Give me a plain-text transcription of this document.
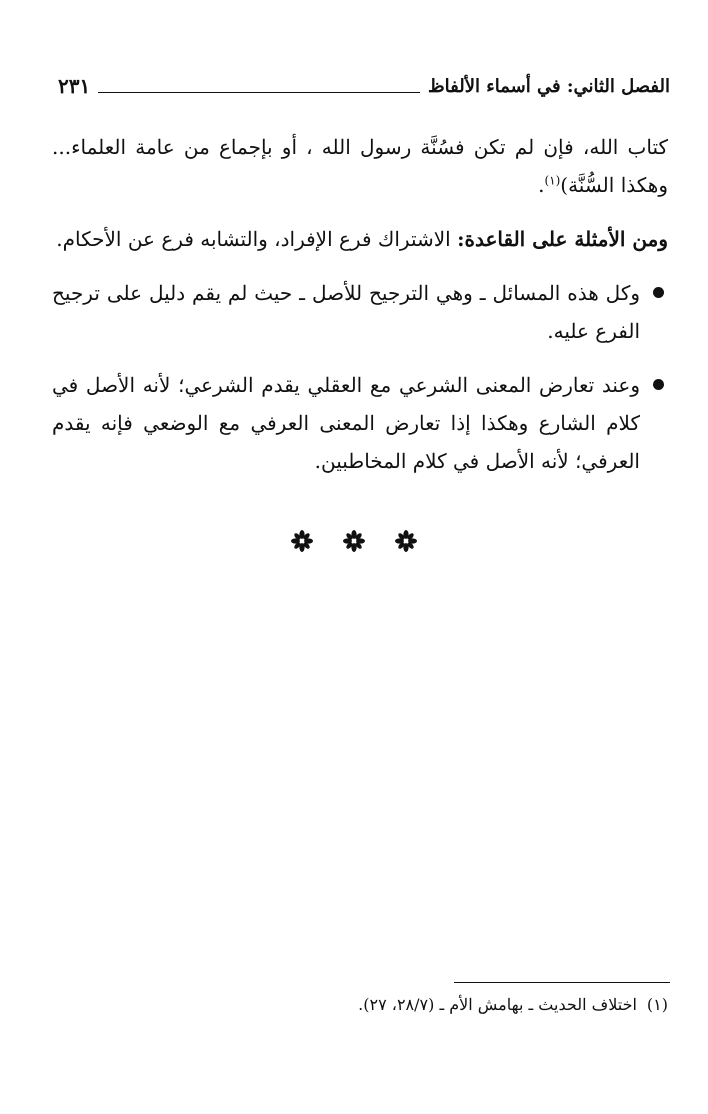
الفصل الثاني: في أسماء الألفاظ
٢٣١

كتاب الله، فإن لم تكن فسُنَّة رسول الله ، أو بإجماع من عامة العلماء... وهكذا السُّنَّة)$^{(١)}$.

ومن الأمثلة على القاعدة: الاشتراك فرع الإفراد، والتشابه فرع عن الأحكام.

وكل هذه المسائل ـ وهي الترجيح للأصل ـ حيث لم يقم دليل على ترجيح الفرع عليه.
وعند تعارض المعنى الشرعي مع العقلي يقدم الشرعي؛ لأنه الأصل في كلام الشارع وهكذا إذا تعارض المعنى العرفي مع الوضعي فإنه يقدم العرفي؛ لأنه الأصل في كلام المخاطبين.
(١)اختلاف الحديث ـ بهامش الأم ـ (٢٨/٧، ٢٧).
